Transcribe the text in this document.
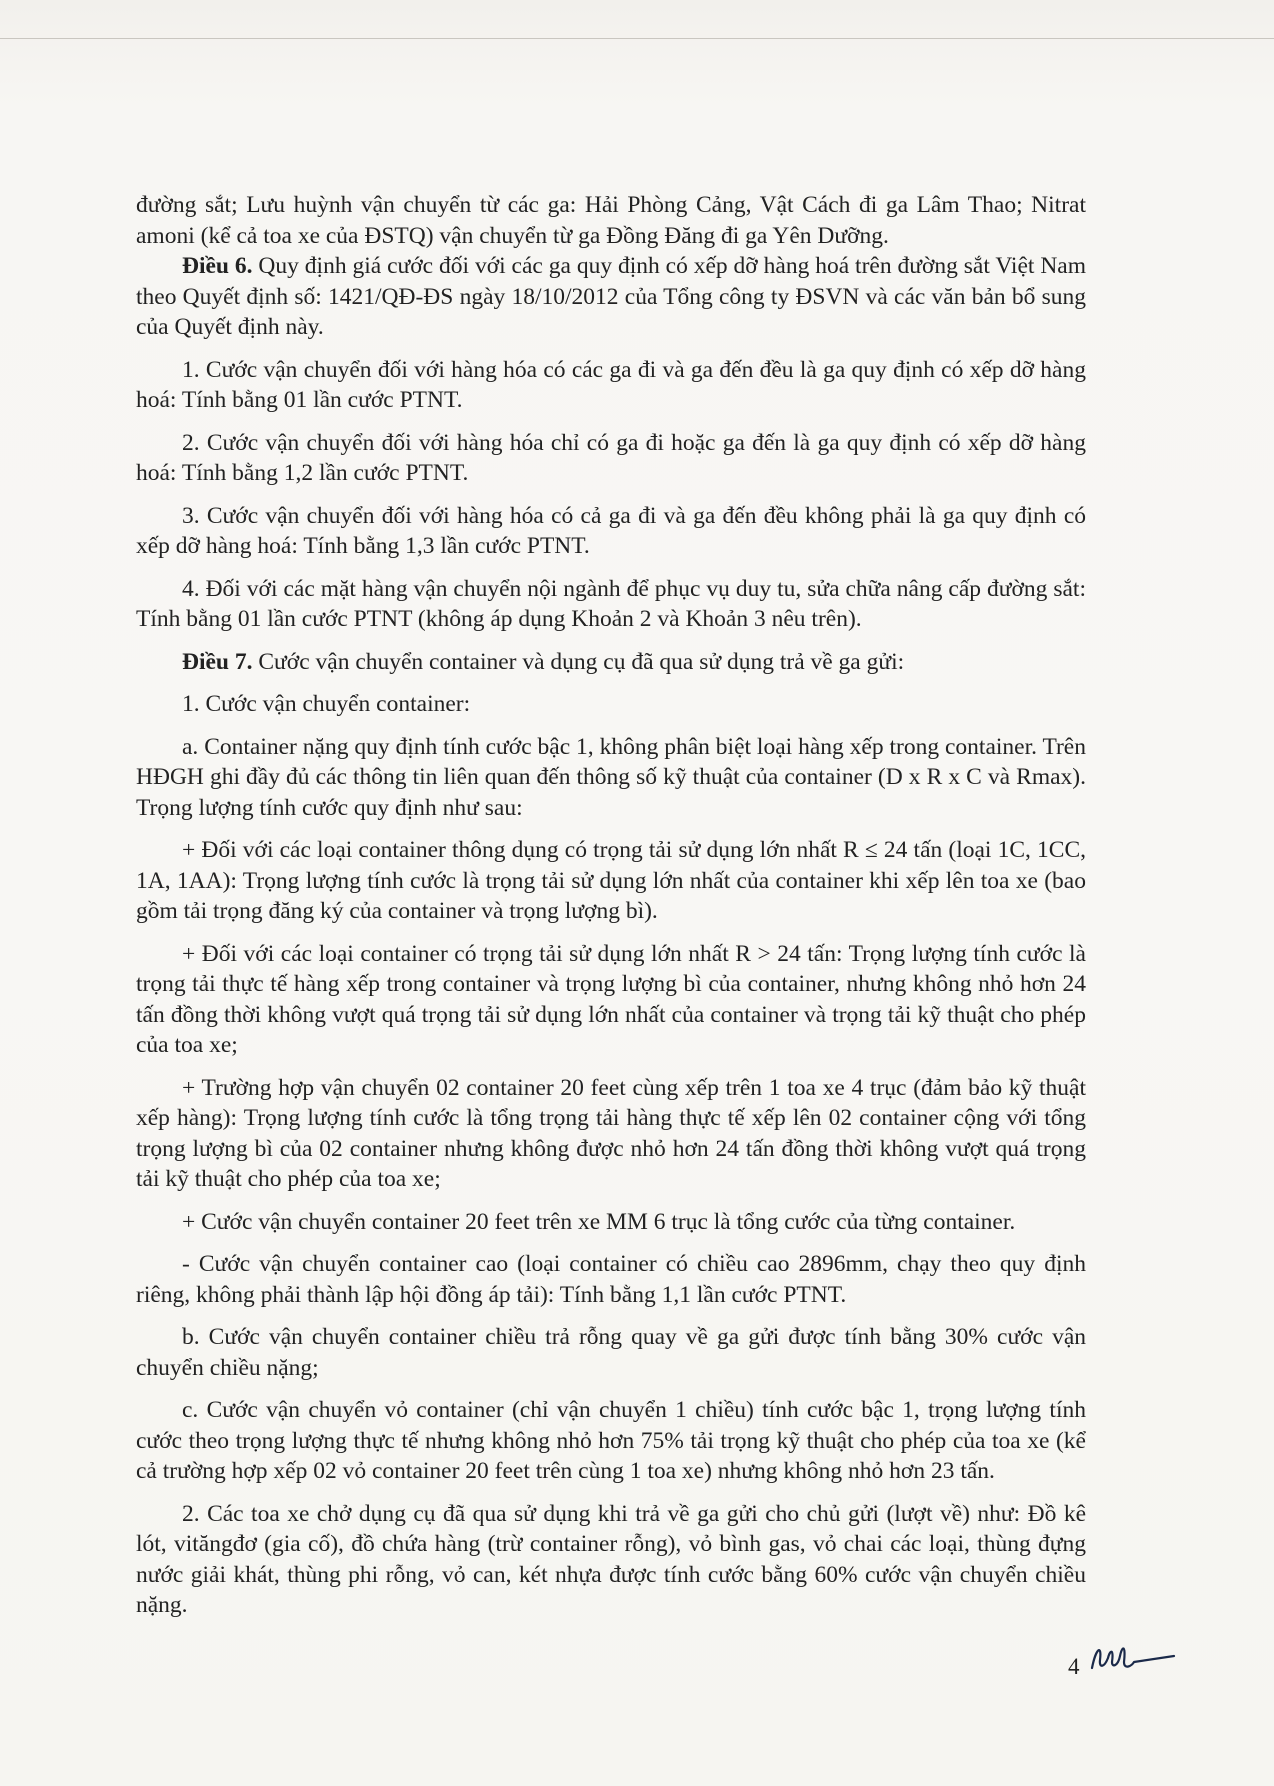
đường sắt; Lưu huỳnh vận chuyển từ các ga: Hải Phòng Cảng, Vật Cách đi ga Lâm Thao; Nitrat amoni (kể cả toa xe của ĐSTQ) vận chuyển từ ga Đồng Đăng đi ga Yên Dưỡng.

Điều 6. Quy định giá cước đối với các ga quy định có xếp dỡ hàng hoá trên đường sắt Việt Nam theo Quyết định số: 1421/QĐ-ĐS ngày 18/10/2012 của Tổng công ty ĐSVN và các văn bản bổ sung của Quyết định này.

1. Cước vận chuyển đối với hàng hóa có các ga đi và ga đến đều là ga quy định có xếp dỡ hàng hoá: Tính bằng 01 lần cước PTNT.

2. Cước vận chuyển đối với hàng hóa chỉ có ga đi hoặc ga đến là ga quy định có xếp dỡ hàng hoá: Tính bằng 1,2 lần cước PTNT.

3. Cước vận chuyển đối với hàng hóa có cả ga đi và ga đến đều không phải là ga quy định có xếp dỡ hàng hoá: Tính bằng 1,3 lần cước PTNT.

4. Đối với các mặt hàng vận chuyển nội ngành để phục vụ duy tu, sửa chữa nâng cấp đường sắt: Tính bằng 01 lần cước PTNT (không áp dụng Khoản 2 và Khoản 3 nêu trên).

Điều 7. Cước vận chuyển container và dụng cụ đã qua sử dụng trả về ga gửi:

1. Cước vận chuyển container:

a. Container nặng quy định tính cước bậc 1, không phân biệt loại hàng xếp trong container. Trên HĐGH ghi đầy đủ các thông tin liên quan đến thông số kỹ thuật của container (D x R x C và Rmax). Trọng lượng tính cước quy định như sau:

+ Đối với các loại container thông dụng có trọng tải sử dụng lớn nhất R ≤ 24 tấn (loại 1C, 1CC, 1A, 1AA): Trọng lượng tính cước là trọng tải sử dụng lớn nhất của container khi xếp lên toa xe (bao gồm tải trọng đăng ký của container và trọng lượng bì).

+ Đối với các loại container có trọng tải sử dụng lớn nhất R > 24 tấn: Trọng lượng tính cước là trọng tải thực tế hàng xếp trong container và trọng lượng bì của container, nhưng không nhỏ hơn 24 tấn đồng thời không vượt quá trọng tải sử dụng lớn nhất của container và trọng tải kỹ thuật cho phép của toa xe;

+ Trường hợp vận chuyển 02 container 20 feet cùng xếp trên 1 toa xe 4 trục (đảm bảo kỹ thuật xếp hàng): Trọng lượng tính cước là tổng trọng tải hàng thực tế xếp lên 02 container cộng với tổng trọng lượng bì của 02 container nhưng không được nhỏ hơn 24 tấn đồng thời không vượt quá trọng tải kỹ thuật cho phép của toa xe;

+ Cước vận chuyển container 20 feet trên xe MM 6 trục là tổng cước của từng container.

- Cước vận chuyển container cao (loại container có chiều cao 2896mm, chạy theo quy định riêng, không phải thành lập hội đồng áp tải): Tính bằng 1,1 lần cước PTNT.

b. Cước vận chuyển container chiều trả rỗng quay về ga gửi được tính bằng 30% cước vận chuyển chiều nặng;

c. Cước vận chuyển vỏ container (chỉ vận chuyển 1 chiều) tính cước bậc 1, trọng lượng tính cước theo trọng lượng thực tế nhưng không nhỏ hơn 75% tải trọng kỹ thuật cho phép của toa xe (kể cả trường hợp xếp 02 vỏ container 20 feet trên cùng 1 toa xe) nhưng không nhỏ hơn 23 tấn.

2. Các toa xe chở dụng cụ đã qua sử dụng khi trả về ga gửi cho chủ gửi (lượt về) như: Đồ kê lót, vităngđơ (gia cố), đồ chứa hàng (trừ container rỗng), vỏ bình gas, vỏ chai các loại, thùng đựng nước giải khát, thùng phi rỗng, vỏ can, két nhựa được tính cước bằng 60% cước vận chuyển chiều nặng.

4
